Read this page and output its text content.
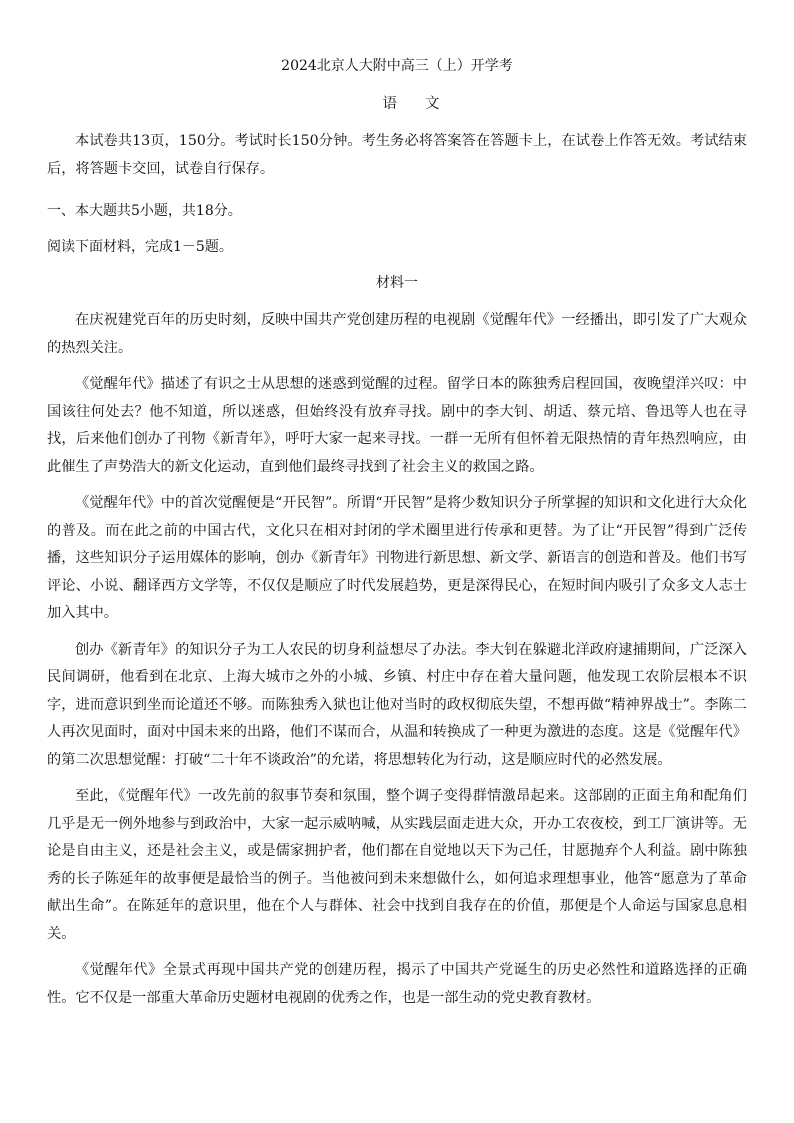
2024北京人大附中高三（上）开学考
语文
本试卷共13页，150分。考试时长150分钟。考生务必将答案答在答题卡上，在试卷上作答无效。考试结束后，将答题卡交回，试卷自行保存。
一、本大题共5小题，共18分。
阅读下面材料，完成1－5题。
材料一

在庆祝建党百年的历史时刻，反映中国共产党创建历程的电视剧《觉醒年代》一经播出，即引发了广大观众的热烈关注。

《觉醒年代》描述了有识之士从思想的迷惑到觉醒的过程。留学日本的陈独秀启程回国，夜晚望洋兴叹：中国该往何处去？他不知道，所以迷惑，但始终没有放弃寻找。剧中的李大钊、胡适、蔡元培、鲁迅等人也在寻找，后来他们创办了刊物《新青年》，呼吁大家一起来寻找。一群一无所有但怀着无限热情的青年热烈响应，由此催生了声势浩大的新文化运动，直到他们最终寻找到了社会主义的救国之路。

《觉醒年代》中的首次觉醒便是“开民智”。所谓“开民智”是将少数知识分子所掌握的知识和文化进行大众化的普及。而在此之前的中国古代，文化只在相对封闭的学术圈里进行传承和更替。为了让“开民智”得到广泛传播，这些知识分子运用媒体的影响，创办《新青年》刊物进行新思想、新文学、新语言的创造和普及。他们书写评论、小说、翻译西方文学等，不仅仅是顺应了时代发展趋势，更是深得民心，在短时间内吸引了众多文人志士加入其中。

创办《新青年》的知识分子为工人农民的切身利益想尽了办法。李大钊在躲避北洋政府逮捕期间，广泛深入民间调研，他看到在北京、上海大城市之外的小城、乡镇、村庄中存在着大量问题，他发现工农阶层根本不识字，进而意识到坐而论道还不够。而陈独秀入狱也让他对当时的政权彻底失望，不想再做“精神界战士”。李陈二人再次见面时，面对中国未来的出路，他们不谋而合，从温和转换成了一种更为激进的态度。这是《觉醒年代》的第二次思想觉醒：打破“二十年不谈政治”的允诺，将思想转化为行动，这是顺应时代的必然发展。

至此，《觉醒年代》一改先前的叙事节奏和氛围，整个调子变得群情激昂起来。这部剧的正面主角和配角们几乎是无一例外地参与到政治中，大家一起示威呐喊，从实践层面走进大众，开办工农夜校，到工厂演讲等。无论是自由主义，还是社会主义，或是儒家拥护者，他们都在自觉地以天下为己任，甘愿抛弃个人利益。剧中陈独秀的长子陈延年的故事便是最恰当的例子。当他被问到未来想做什么，如何追求理想事业，他答“愿意为了革命献出生命”。在陈延年的意识里，他在个人与群体、社会中找到自我存在的价值，那便是个人命运与国家息息相关。

《觉醒年代》全景式再现中国共产党的创建历程，揭示了中国共产党诞生的历史必然性和道路选择的正确性。它不仅是一部重大革命历史题材电视剧的优秀之作，也是一部生动的党史教育教材。
